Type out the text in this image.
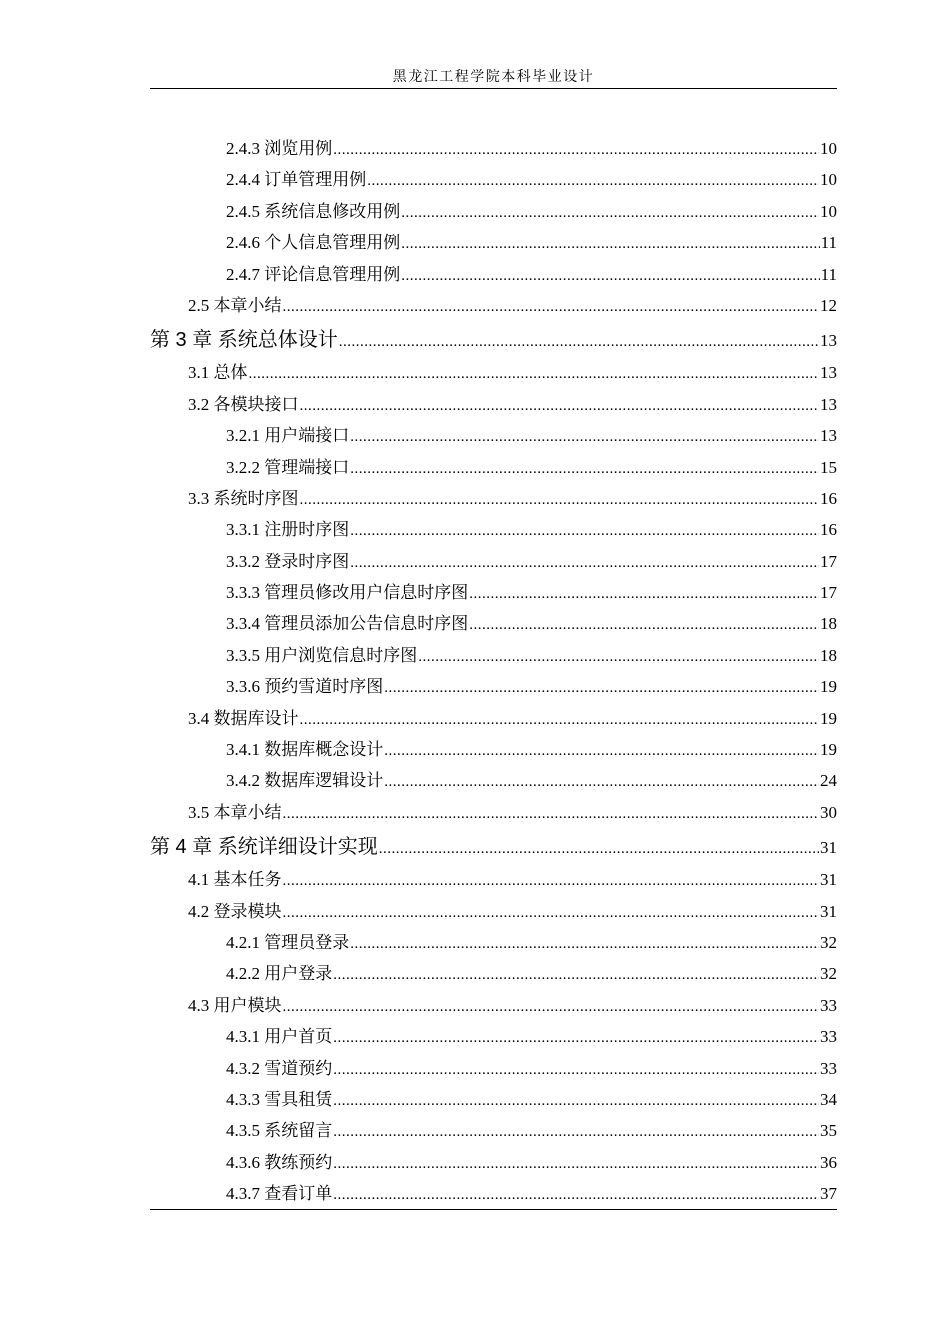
黑龙江工程学院本科毕业设计
2.4.3 浏览用例 .....	10
2.4.4 订单管理用例 .....	10
2.4.5 系统信息修改用例 .....	10
2.4.6 个人信息管理用例 .....	11
2.4.7 评论信息管理用例 .....	11
2.5 本章小结 .....	12
第 3 章 系统总体设计 .....	13
3.1 总体 .....	13
3.2 各模块接口 .....	13
3.2.1 用户端接口 .....	13
3.2.2 管理端接口 .....	15
3.3 系统时序图 .....	16
3.3.1 注册时序图 .....	16
3.3.2 登录时序图 .....	17
3.3.3 管理员修改用户信息时序图 .....	17
3.3.4 管理员添加公告信息时序图 .....	18
3.3.5 用户浏览信息时序图 .....	18
3.3.6 预约雪道时序图 .....	19
3.4 数据库设计 .....	19
3.4.1 数据库概念设计 .....	19
3.4.2 数据库逻辑设计 .....	24
3.5 本章小结 .....	30
第 4 章 系统详细设计实现 .....	31
4.1 基本任务 .....	31
4.2 登录模块 .....	31
4.2.1 管理员登录 .....	32
4.2.2 用户登录 .....	32
4.3 用户模块 .....	33
4.3.1 用户首页 .....	33
4.3.2 雪道预约 .....	33
4.3.3 雪具租赁 .....	34
4.3.5 系统留言 .....	35
4.3.6 教练预约 .....	36
4.3.7 查看订单 .....	37
